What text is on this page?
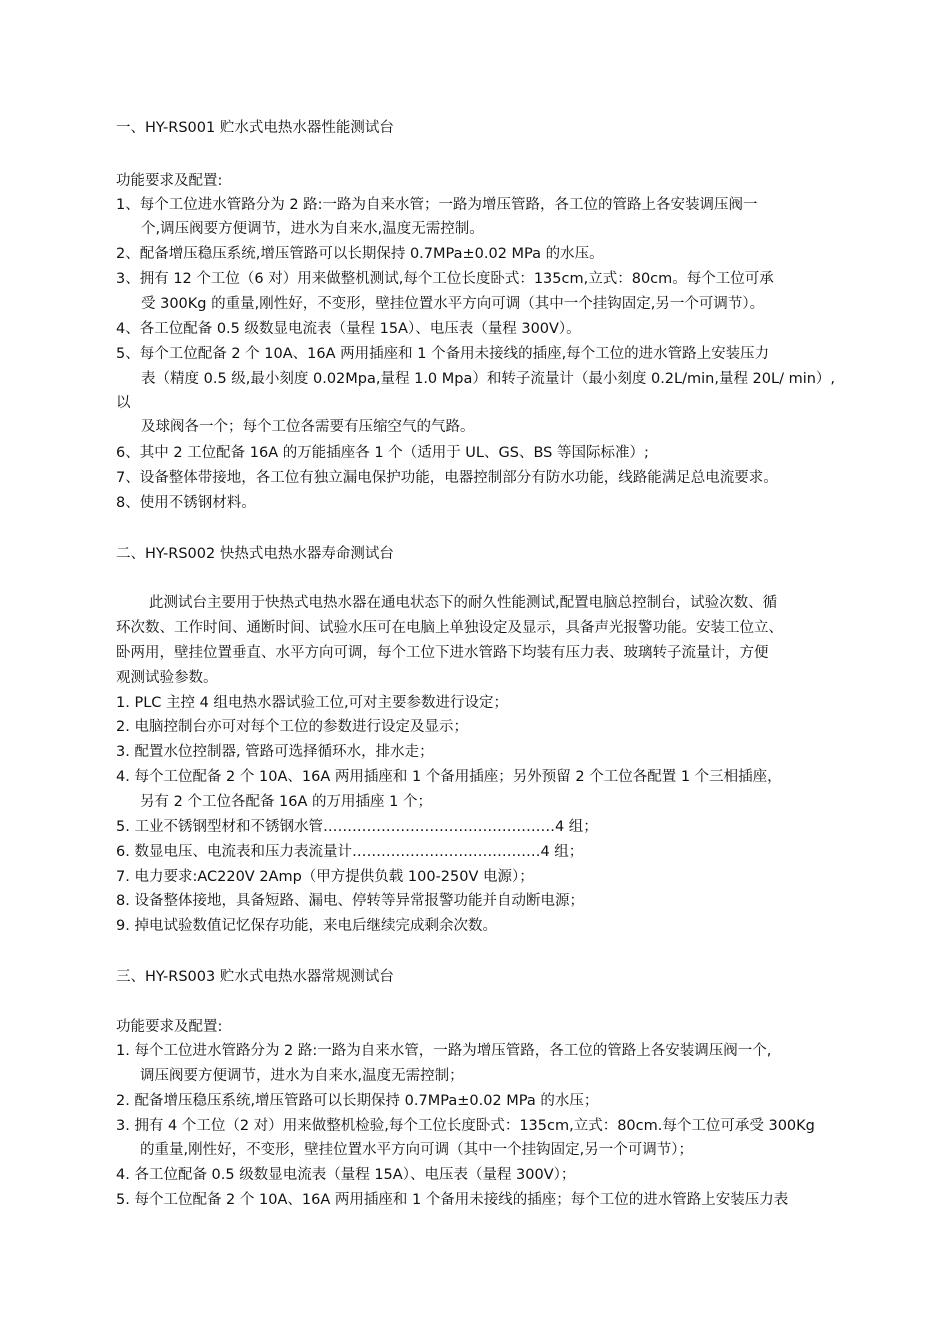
一、HY-RS001 贮水式电热水器性能测试台
功能要求及配置:
1、每个工位进水管路分为 2 路:一路为自来水管；一路为增压管路，各工位的管路上各安装调压阀一
个,调压阀要方便调节，进水为自来水,温度无需控制。
2、配备增压稳压系统,增压管路可以长期保持 0.7MPa±0.02 MPa 的水压。
3、拥有 12 个工位（6 对）用来做整机测试,每个工位长度卧式：135cm,立式：80cm。每个工位可承
受 300Kg 的重量,刚性好，不变形，壁挂位置水平方向可调（其中一个挂钩固定,另一个可调节）。
4、各工位配备 0.5 级数显电流表（量程 15A）、电压表（量程 300V）。
5、每个工位配备 2 个 10A、16A 两用插座和 1 个备用未接线的插座,每个工位的进水管路上安装压力
表（精度 0.5 级,最小刻度 0.02Mpa,量程 1.0 Mpa）和转子流量计（最小刻度 0.2L/min,量程 20L/ min）,
以
及球阀各一个；每个工位各需要有压缩空气的气路。
6、其中 2 工位配备 16A 的万能插座各 1 个（适用于 UL、GS、BS 等国际标准）;
7、设备整体带接地，各工位有独立漏电保护功能，电器控制部分有防水功能，线路能满足总电流要求。
8、使用不锈钢材料。
二、HY-RS002 快热式电热水器寿命测试台
此测试台主要用于快热式电热水器在通电状态下的耐久性能测试,配置电脑总控制台，试验次数、循
环次数、工作时间、通断时间、试验水压可在电脑上单独设定及显示，具备声光报警功能。安装工位立、
卧两用，壁挂位置垂直、水平方向可调，每个工位下进水管路下均装有压力表、玻璃转子流量计，方便
观测试验参数。
1. PLC 主控 4 组电热水器试验工位,可对主要参数进行设定；
2. 电脑控制台亦可对每个工位的参数进行设定及显示；
3. 配置水位控制器, 管路可选择循环水，排水走；
4. 每个工位配备 2 个 10A、16A 两用插座和 1 个备用插座；另外预留 2 个工位各配置 1 个三相插座，
另有 2 个工位各配备 16A 的万用插座 1 个；
5. 工业不锈钢型材和不锈钢水管…………………………………………4 组；
6. 数显电压、电流表和压力表流量计…………………………………4 组；
7. 电力要求:AC220V 2Amp（甲方提供负载 100-250V 电源）；
8. 设备整体接地，具备短路、漏电、停转等异常报警功能并自动断电源；
9. 掉电试验数值记忆保存功能，来电后继续完成剩余次数。
三、HY-RS003 贮水式电热水器常规测试台
功能要求及配置:
1. 每个工位进水管路分为 2 路:一路为自来水管，一路为增压管路，各工位的管路上各安装调压阀一个,
调压阀要方便调节，进水为自来水,温度无需控制；
2. 配备增压稳压系统,增压管路可以长期保持 0.7MPa±0.02 MPa 的水压；
3. 拥有 4 个工位（2 对）用来做整机检验,每个工位长度卧式：135cm,立式：80cm.每个工位可承受 300Kg
的重量,刚性好，不变形，壁挂位置水平方向可调（其中一个挂钩固定,另一个可调节）；
4. 各工位配备 0.5 级数显电流表（量程 15A）、电压表（量程 300V）；
5. 每个工位配备 2 个 10A、16A 两用插座和 1 个备用未接线的插座；每个工位的进水管路上安装压力表
